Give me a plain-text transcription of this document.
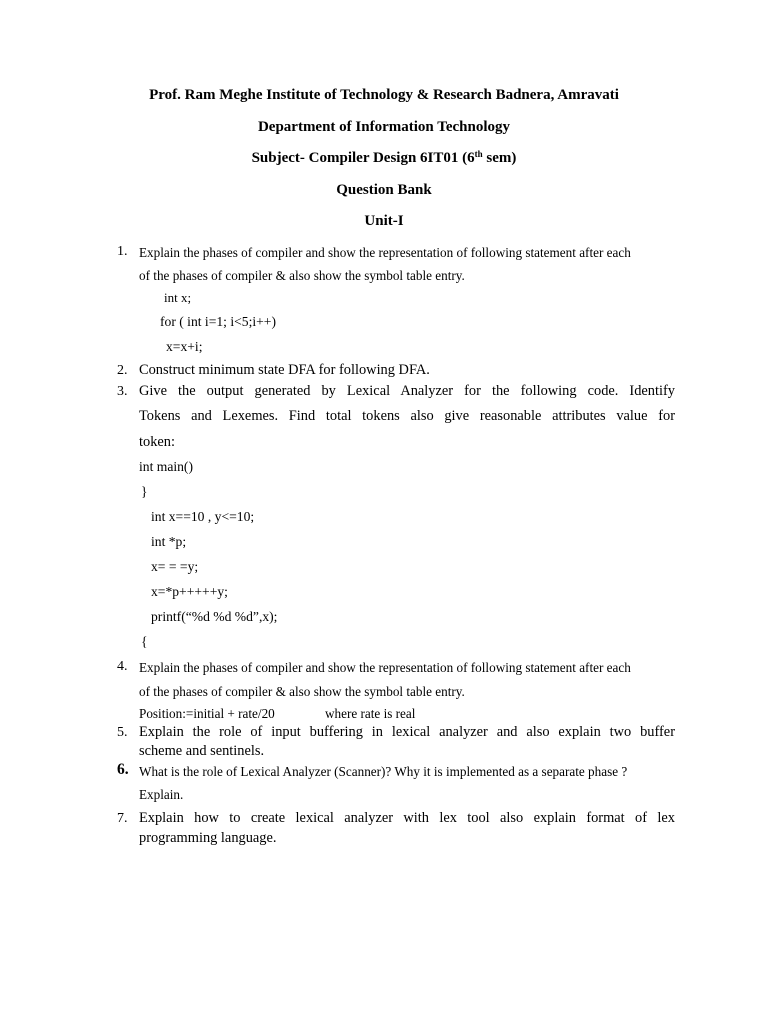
Prof. Ram Meghe Institute of Technology & Research Badnera, Amravati
Department of Information Technology
Subject- Compiler Design 6IT01 (6th sem)
Question Bank
Unit-I
1. Explain the phases of compiler and show the representation of following statement after each
of the phases of compiler & also show the symbol table entry.
int x;
for ( int i=1; i<5;i++)
x=x+i;
2. Construct minimum state DFA for following DFA.
3. Give the output generated by Lexical Analyzer for the following code. Identify
Tokens and Lexemes. Find total tokens also give reasonable attributes value for
token:
int main()
}
int x==10 , y<=10;
int *p;
x= = =y;
x=*p+++++y;
printf(“%d %d %d”,x);
{
4. Explain the phases of compiler and show the representation of following statement after each
of the phases of compiler & also show the symbol table entry.
Position:=initial + rate/20	where rate is real
5. Explain the role of input buffering in lexical analyzer and also explain two buffer
scheme and sentinels.
6. What is the role of Lexical Analyzer (Scanner)? Why it is implemented as a separate phase ?
Explain.
7. Explain how to create lexical analyzer with lex tool also explain format of lex
programming language.
